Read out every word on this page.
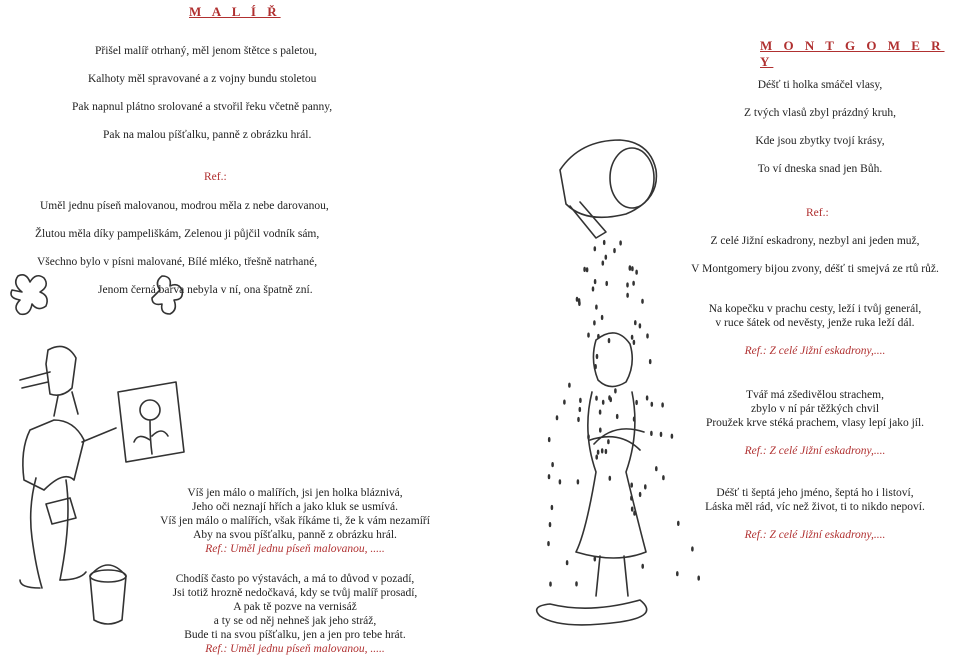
M A L Í Ř
Přišel malíř otrhaný, měl jenom štětce s paletou,
Kalhoty měl spravované a z vojny bundu stoletou
Pak napnul plátno srolované a stvořil řeku včetně panny,
Pak na malou píšťalku, panně z obrázku hrál.
Ref.:
Uměl jednu píseň malovanou, modrou měla z nebe darovanou,
Žlutou měla díky pampeliškám, Zelenou ji půjčil vodník sám,
Všechno bylo v písni malované, Bílé mléko, třešně natrhané,
Jenom černá barva nebyla v ní, ona špatně zní.
Víš jen málo o malířích, jsi jen holka bláznivá,
Jeho oči neznají hřích a jako kluk se usmívá.
Víš jen málo o malířích, však říkáme ti, že k vám nezamíří
Aby na svou píšťalku, panně z obrázku hrál.
Ref.: Uměl jednu píseň malovanou, .....
Chodíš často po výstavách, a má to důvod v pozadí,
Jsi totiž hrozně nedočkavá, kdy se tvůj malíř prosadí,
A pak tě pozve na vernisáž
a ty se od něj nehneš jak jeho stráž,
Bude ti na svou píšťalku, jen a jen pro tebe hrát.
Ref.: Uměl jednu píseň malovanou, .....
M O N T G O M E R Y
Déšť ti holka smáčel vlasy,
Z tvých vlasů zbyl prázdný kruh,
Kde jsou zbytky tvojí krásy,
To ví dneska snad jen Bůh.
Ref.:
Z celé Jižní eskadrony, nezbyl ani jeden muž,
V Montgomery bijou zvony, déšť ti smejvá ze rtů růž.
Na kopečku v prachu cesty, leží i tvůj generál,
v ruce šátek od nevěsty, jenže ruka leží dál.
Ref.: Z celé Jižní eskadrony,....
Tvář má zšedivělou strachem,
zbylo v ní pár těžkých chvil
Proužek krve stéká prachem, vlasy lepí jako jíl.
Ref.: Z celé Jižní eskadrony,....
Déšť ti šeptá jeho jméno, šeptá ho i listoví,
Láska měl rád, víc než život, ti to nikdo nepoví.
Ref.: Z celé Jižní eskadrony,....
